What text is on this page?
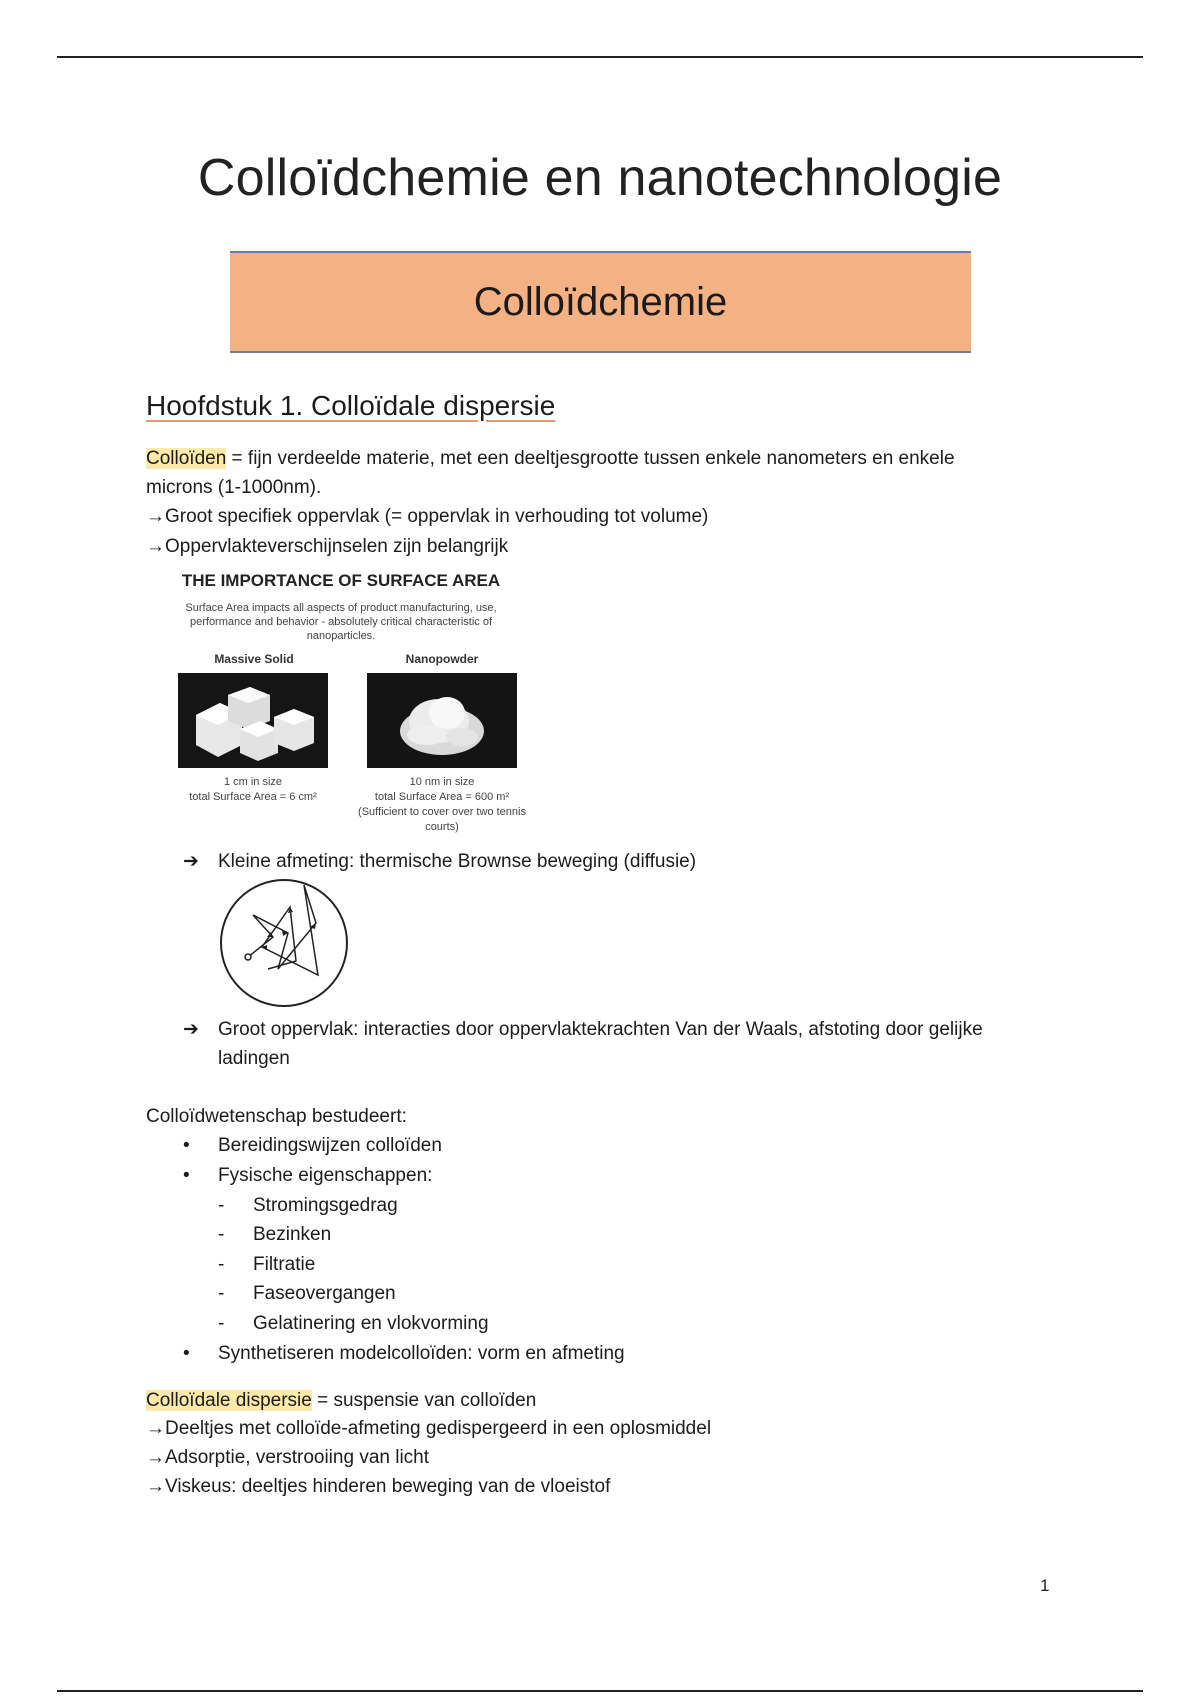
Colloïdchemie en nanotechnologie
Colloïdchemie
Hoofdstuk 1. Colloïdale dispersie
Colloïden = fijn verdeelde materie, met een deeltjesgrootte tussen enkele nanometers en enkele
microns (1-1000nm).
→Groot specifiek oppervlak (= oppervlak in verhouding tot volume)
→Oppervlakteverschijnselen zijn belangrijk
THE IMPORTANCE OF SURFACE AREA
Surface Area impacts all aspects of product manufacturing, use, performance and behavior - absolutely critical characteristic of nanoparticles.
Massive Solid	Nanopowder
1 cm in size
total Surface Area = 6 cm²
10 nm in size
total Surface Area = 600 m²
(Sufficient to cover over two tennis courts)
➔ Kleine afmeting: thermische Brownse beweging (diffusie)
➔ Groot oppervlak: interacties door oppervlaktekrachten Van der Waals, afstoting door gelijke ladingen
Colloïdwetenschap bestudeert:
• Bereidingswijzen colloïden
• Fysische eigenschappen:
- Stromingsgedrag
- Bezinken
- Filtratie
- Faseovergangen
- Gelatinering en vlokvorming
• Synthetiseren modelcolloïden: vorm en afmeting
Colloïdale dispersie = suspensie van colloïden
→Deeltjes met colloïde-afmeting gedispergeerd in een oplosmiddel
→Adsorptie, verstrooiing van licht
→Viskeus: deeltjes hinderen beweging van de vloeistof
1
